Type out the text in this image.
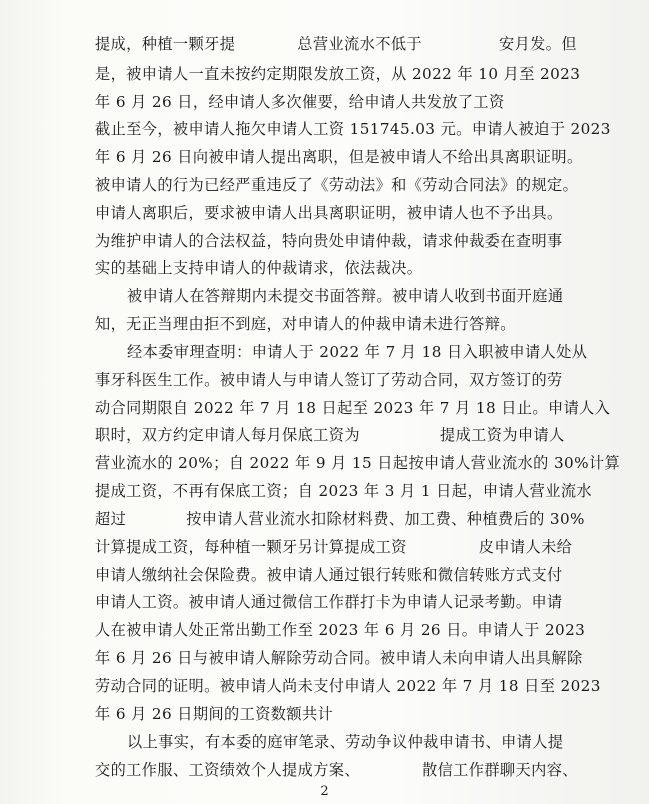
提成，种植一颗牙提	总营业流水不低于	安月发。但
是，被申请人一直未按约定期限发放工资，从 2022 年 10 月至 2023
年 6 月 26 日，经申请人多次催要，给申请人共发放了工资
截止至今，被申请人拖欠申请人工资 151745.03 元。申请人被迫于 2023
年 6 月 26 日向被申请人提出离职，但是被申请人不给出具离职证明。
被申请人的行为已经严重违反了《劳动法》和《劳动合同法》的规定。
申请人离职后，要求被申请人出具离职证明，被申请人也不予出具。
为维护申请人的合法权益，特向贵处申请仲裁，请求仲裁委在查明事
实的基础上支持申请人的仲裁请求，依法裁决。
被申请人在答辩期内未提交书面答辩。被申请人收到书面开庭通
知，无正当理由拒不到庭，对申请人的仲裁申请未进行答辩。
经本委审理查明：申请人于 2022 年 7 月 18 日入职被申请人处从
事牙科医生工作。被申请人与申请人签订了劳动合同，双方签订的劳
动合同期限自 2022 年 7 月 18 日起至 2023 年 7 月 18 日止。申请人入
职时，双方约定申请人每月保底工资为	提成工资为申请人
营业流水的 20%；自 2022 年 9 月 15 日起按申请人营业流水的 30%计算
提成工资，不再有保底工资；自 2023 年 3 月 1 日起，申请人营业流水
超过	按申请人营业流水扣除材料费、加工费、种植费后的 30%
计算提成工资，每种植一颗牙另计算提成工资	皮申请人未给
申请人缴纳社会保险费。被申请人通过银行转账和微信转账方式支付
申请人工资。被申请人通过微信工作群打卡为申请人记录考勤。申请
人在被申请人处正常出勤工作至 2023 年 6 月 26 日。申请人于 2023
年 6 月 26 日与被申请人解除劳动合同。被申请人未向申请人出具解除
劳动合同的证明。被申请人尚未支付申请人 2022 年 7 月 18 日至 2023
年 6 月 26 日期间的工资数额共计
以上事实，有本委的庭审笔录、劳动争议仲裁申请书、申请人提
交的工作服、工资绩效个人提成方案、	散信工作群聊天内容、
2
